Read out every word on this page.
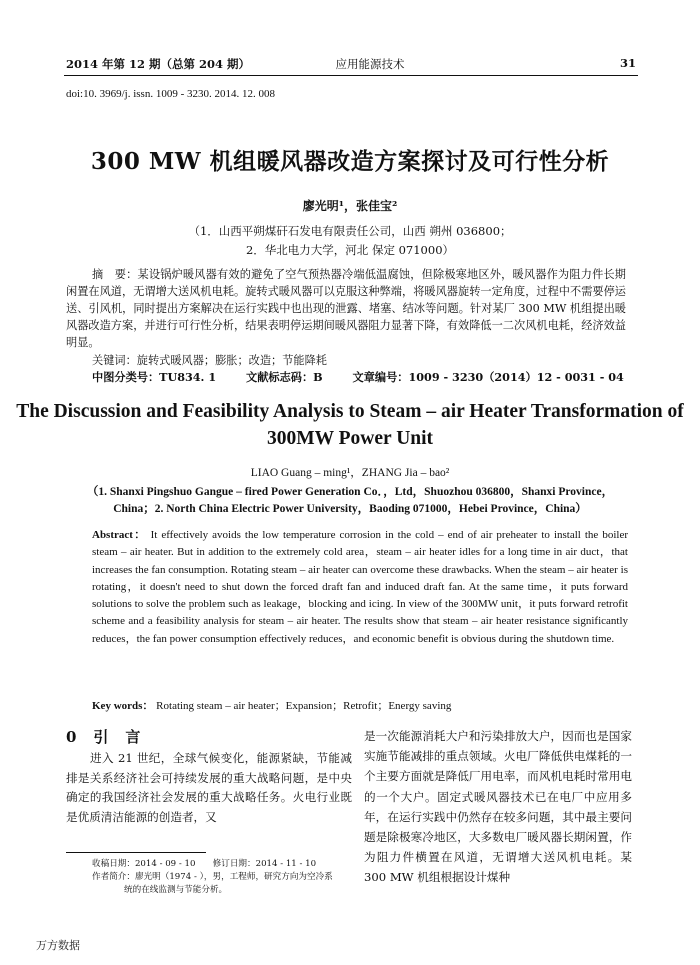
2014 年第 12 期（总第 204 期）	应用能源技术	31
doi:10. 3969/j. issn. 1009 - 3230. 2014. 12. 008
300 MW 机组暖风器改造方案探讨及可行性分析
廖光明¹，张佳宝²
（1．山西平朔煤矸石发电有限责任公司，山西 朔州 036800；
2．华北电力大学，河北 保定 071000）
摘　要：某设锅炉暖风器有效的避免了空气预热器冷端低温腐蚀，但除极寒地区外，暖风器作为阻力件长期闲置在风道，无谓增大送风机电耗。旋转式暖风器可以克服这种弊端，将暖风器旋转一定角度，过程中不需要停运送、引风机，同时提出方案解决在运行实践中也出现的泄露、堵塞、结冰等问题。针对某厂 300 MW 机组提出暖风器改造方案，并进行可行性分析，结果表明停运期间暖风器阻力显著下降，有效降低一二次风机电耗，经济效益明显。
关键词：旋转式暖风器；膨胀；改造；节能降耗
中图分类号：TU834. 1	文献标志码：B	文章编号：1009 - 3230（2014）12 - 0031 - 04
The Discussion and Feasibility Analysis to Steam – air Heater Transformation of 300MW Power Unit
LIAO Guang – ming¹，ZHANG Jia – bao²
（1. Shanxi Pingshuo Gangue – fired Power Generation Co．，Ltd，Shuozhou 036800，Shanxi Province，China；2. North China Electric Power University，Baoding 071000，Hebei Province，China）
Abstract： It effectively avoids the low temperature corrosion in the cold – end of air preheater to install the boiler steam – air heater. But in addition to the extremely cold area，steam – air heater idles for a long time in air duct，that increases the fan consumption. Rotating steam – air heater can overcome these drawbacks. When the steam – air heater is rotating，it doesn't need to shut down the forced draft fan and induced draft fan. At the same time，it puts forward solutions to solve the problem such as leakage，blocking and icing. In view of the 300MW unit，it puts forward retrofit scheme and a feasibility analysis for steam – air heater. The results show that steam – air heater resistance significantly reduces，the fan power consumption effectively reduces，and economic benefit is obvious during the shutdown time.
Key words： Rotating steam – air heater；Expansion；Retrofit；Energy saving
0　引　言
进入 21 世纪，全球气候变化，能源紧缺，节能减排是关系经济社会可持续发展的重大战略问题，是中央确定的我国经济社会发展的重大战略任务。火电行业既是优质清洁能源的创造者，又
是一次能源消耗大户和污染排放大户，因而也是国家实施节能减排的重点领域。火电厂降低供电煤耗的一个主要方面就是降低厂用电率，而风机电耗时常用电的一个大户。固定式暖风器技术已在电厂中应用多年，在运行实践中仍然存在较多问题，其中最主要问题是除极寒冷地区，大多数电厂暖风器长期闲置，作为阻力件横置在风道，无谓增大送风机电耗。某 300 MW 机组根据设计煤种
收稿日期：2014 - 09 - 10　　修订日期：2014 - 11 - 10
作者简介：廖光明（1974 - ），男，工程师，研究方向为空冷系
统的在线监测与节能分析。
万方数据
